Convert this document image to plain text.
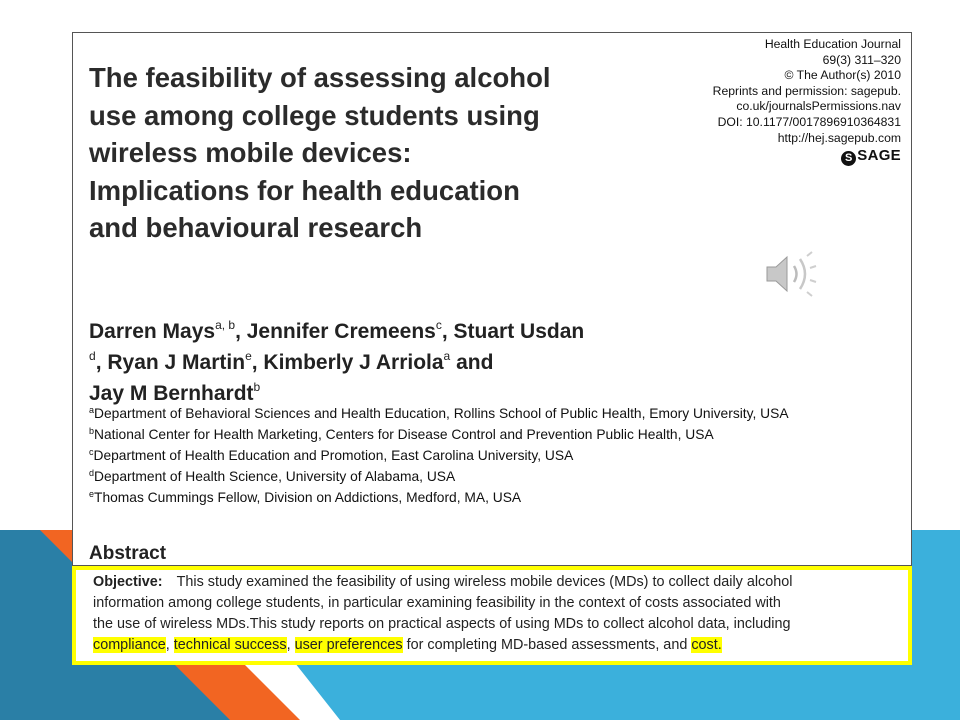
Health Education Journal
69(3) 311–320
© The Author(s) 2010
Reprints and permission: sagepub.
co.uk/journalsPermissions.nav
DOI: 10.1177/0017896910364831
http://hej.sagepub.com
S SAGE
The feasibility of assessing alcohol
use among college students using
wireless mobile devices:
Implications for health education
and behavioural research
Darren Mays$^{a, b}$, Jennifer Cremeens$^c$, Stuart Usdan
$^d$, Ryan J Martin$^e$, Kimberly J Arriola$^a$ and
Jay M Bernhardt$^b$
$^a$Department of Behavioral Sciences and Health Education, Rollins School of Public Health, Emory University, USA
$^b$National Center for Health Marketing, Centers for Disease Control and Prevention Public Health, USA
$^c$Department of Health Education and Promotion, East Carolina University, USA
$^d$Department of Health Science, University of Alabama, USA
$^e$Thomas Cummings Fellow, Division on Addictions, Medford, MA, USA
Abstract
Objective: This study examined the feasibility of using wireless mobile devices (MDs) to collect daily alcohol
information among college students, in particular examining feasibility in the context of costs associated with
the use of wireless MDs.This study reports on practical aspects of using MDs to collect alcohol data, including
compliance, technical success, user preferences for completing MD-based assessments, and cost.
